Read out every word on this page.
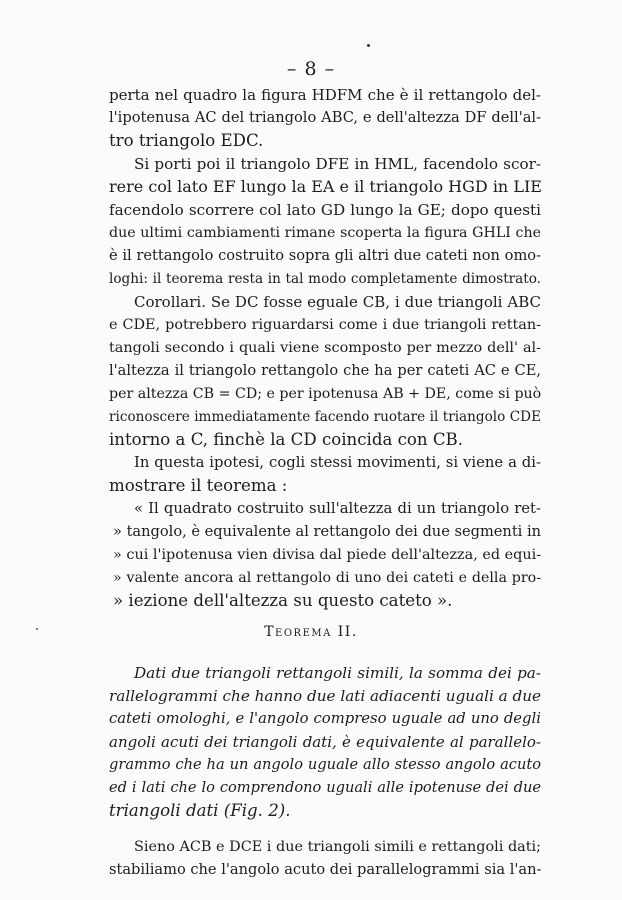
– 8 –
perta nel quadro la figura HDFM che è il rettangolo del-
l'ipotenusa AC del triangolo ABC, e dell'altezza DF dell'al-
tro triangolo EDC.
Si porti poi il triangolo DFE in HML, facendolo scor-
rere col lato EF lungo la EA e il triangolo HGD in LIE
facendolo scorrere col lato GD lungo la GE; dopo questi
due ultimi cambiamenti rimane scoperta la figura GHLI che
è il rettangolo costruito sopra gli altri due cateti non omo-
loghi: il teorema resta in tal modo completamente dimostrato.
Corollari. Se DC fosse eguale CB, i due triangoli ABC
e CDE, potrebbero riguardarsi come i due triangoli rettan-
tangoli secondo i quali viene scomposto per mezzo dell' al-
l'altezza il triangolo rettangolo che ha per cateti AC e CE,
per altezza CB = CD; e per ipotenusa AB + DE, come si può
riconoscere immediatamente facendo ruotare il triangolo CDE
intorno a C, finchè la CD coincida con CB.
In questa ipotesi, cogli stessi movimenti, si viene a di-
mostrare il teorema :
« Il quadrato costruito sull'altezza di un triangolo ret-
» tangolo, è equivalente al rettangolo dei due segmenti in
» cui l'ipotenusa vien divisa dal piede dell'altezza, ed equi-
» valente ancora al rettangolo di uno dei cateti e della pro-
» iezione dell'altezza su questo cateto ».
Teorema II.
Dati due triangoli rettangoli simili, la somma dei pa-
rallelogrammi che hanno due lati adiacenti uguali a due
cateti omologhi, e l'angolo compreso uguale ad uno degli
angoli acuti dei triangoli dati, è equivalente al parallelo-
grammo che ha un angolo uguale allo stesso angolo acuto
ed i lati che lo comprendono uguali alle ipotenuse dei due
triangoli dati (Fig. 2).
Sieno ACB e DCE i due triangoli simili e rettangoli dati;
stabiliamo che l'angolo acuto dei parallelogrammi sia l'an-
